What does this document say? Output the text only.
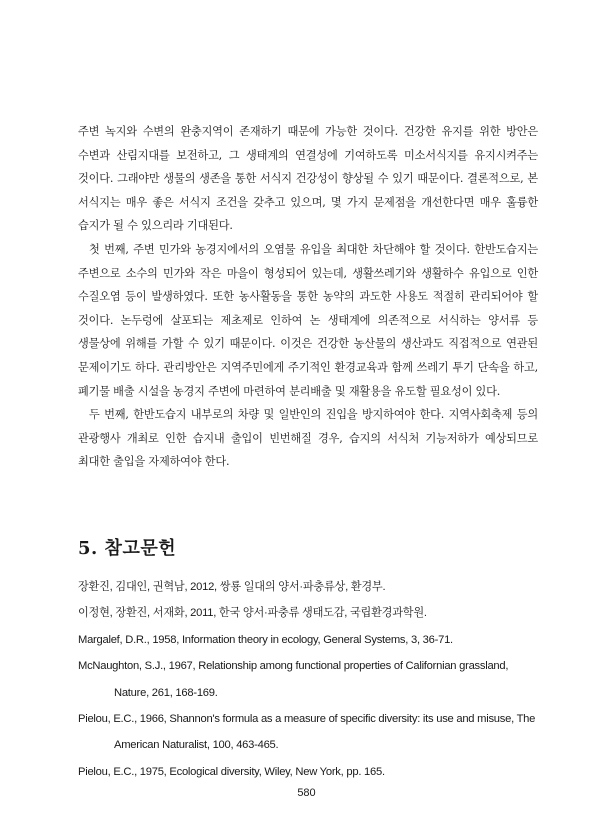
주변 녹지와 수변의 완충지역이 존재하기 때문에 가능한 것이다. 건강한 유지를 위한 방안은 수변과 산림지대를 보전하고, 그 생태계의 연결성에 기여하도록 미소서식지를 유지시켜주는 것이다. 그래야만 생물의 생존을 통한 서식지 건강성이 향상될 수 있기 때문이다. 결론적으로, 본 서식지는 매우 좋은 서식지 조건을 갖추고 있으며, 몇 가지 문제점을 개선한다면 매우 훌륭한 습지가 될 수 있으리라 기대된다.

첫 번째, 주변 민가와 농경지에서의 오염물 유입을 최대한 차단해야 할 것이다. 한반도습지는 주변으로 소수의 민가와 작은 마을이 형성되어 있는데, 생활쓰레기와 생활하수 유입으로 인한 수질오염 등이 발생하였다. 또한 농사활동을 통한 농약의 과도한 사용도 적절히 관리되어야 할 것이다. 논두렁에 살포되는 제초제로 인하여 논 생태계에 의존적으로 서식하는 양서류 등 생물상에 위해를 가할 수 있기 때문이다. 이것은 건강한 농산물의 생산과도 직접적으로 연관된 문제이기도 하다. 관리방안은 지역주민에게 주기적인 환경교육과 함께 쓰레기 투기 단속을 하고, 폐기물 배출 시설을 농경지 주변에 마련하여 분리배출 및 재활용을 유도할 필요성이 있다.

두 번째, 한반도습지 내부로의 차량 및 일반인의 진입을 방지하여야 한다. 지역사회축제 등의 관광행사 개최로 인한 습지내 출입이 빈번해질 경우, 습지의 서식처 기능저하가 예상되므로 최대한 출입을 자제하여야 한다.

5. 참고문헌
장환진, 김대인, 권혁남, 2012, 쌍룡 일대의 양서·파충류상, 환경부.
이정현, 장환진, 서재화, 2011, 한국 양서·파충류 생태도감, 국립환경과학원.
Margalef, D.R., 1958, Information theory in ecology, General Systems, 3, 36-71.
McNaughton, S.J., 1967, Relationship among functional properties of Californian grassland, Nature, 261, 168-169.
Pielou, E.C., 1966, Shannon's formula as a measure of specific diversity: its use and misuse, The American Naturalist, 100, 463-465.
Pielou, E.C., 1975, Ecological diversity, Wiley, New York, pp. 165.
580
